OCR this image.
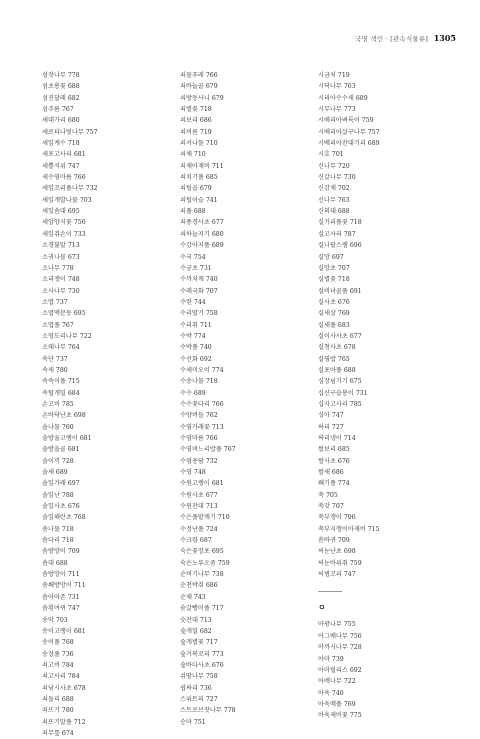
국명 색인 · [관속식물류] 1305
섬잣나무 778
섬초롱꽃 688
섬진달래 682
섬주름 767
세대가리 680
세로티나벚나무 757
세잎계수 718
세포고사리 681
세뿔석위 747
세수염마름 766
세잎꼬리풀나무 732
세잎개발나물 703
세잎솜대 695
세잎양지꽃 756
세잎쥐손이 733
소경불알 713
소귀나물 673
소나무 778
소리쟁이 748
소사나무 730
소엽 737
소엽맥문동 695
소엽풀 767
소영도리나무 722
소태나무 764
속단 737
속새 780
속속이풀 715
속털개밀 684
손고비 785
손바닥난초 698
솔나물 760
솔방울고랭이 681
솔방울골 681
솔이끼 728
솔새 689
솔잎가래 697
솔잎난 788
솔잎사초 676
솔잎해란초 768
솜나물 718
솜다리 718
솜방망이 709
솜대 688
솜방망이 711
솜쐐방망이 711
솜아마존 731
솜흰여뀌 747
송악 703
송이고랭이 681
송이풀 768
송장풀 736
쇠고비 784
쇠고사리 784
쇠낚시사초 678
쇠돌피 688
쇠뜨기 780
쇠뜨기말풀 712
쇠무릎 674
쇠물푸레 766
쇠바늘골 679
쇠방동사니 679
쇠별꽃 718
쇠보리 686
쇠비름 719
쇠서나물 710
쇠채 710
쇠채아재비 711
쇠치기풀 685
쇠털골 679
쇠털이슬 741
쇠풀 688
쇠풍경사초 677
쇠하늘지기 680
수강아지풀 689
수국 754
수궁초 731
수까치깨 740
수레국화 707
수련 744
수리딸기 758
수리취 711
수박 774
수박풀 740
수선화 692
수세미오이 774
수송나물 718
수수 689
수수꽃다리 766
수양버들 762
수염가래꽃 713
수염마름 766
수염며느리밥풀 767
수염용담 732
수영 748
수원고랭이 681
수원사초 677
수원잔대 713
수은풀밭깨기 710
수정난풀 724
수크령 687
숙은꽃장포 695
숙은노루오줌 759
순비기나무 738
순천박쥐 686
순채 743
숟갈빵이풀 717
숫잔대 713
숲개밀 682
숲개별꽃 717
숲거북꼬리 773
숲바다사초 676
쉬땅나무 758
쉽싸리 736
스위트피 727
스트로브잣나무 778
승마 751
시금치 719
시닥나무 763
시리아수수새 689
시무나무 773
시베리아벼룩이 759
시베리아살구나무 757
시베리아잔대기리 689
시호 701
신나무 720
신갈나무 730
신감채 702
신나무 763
신의대 688
실거리풀꽃 718
실고사리 787
실나팔스램 696
실망 697
실망초 707
실별꽃 718
실비녀골풀 691
실사초 676
실새삼 769
실새풀 683
실이사사초 677
실청사초 678
실꿩밥 765
실포아풀 688
심장넘기기 675
십신구슬붕이 731
십자고사리 785
싱아 747
싸리 727
싸리냉이 714
쌀보리 685
쌀사초 676
쌀새 686
쐐기풀 774
쑥 705
쑥갓 707
쑥부쟁이 706
쑥부지깽이아재비 715
씀바귀 709
씨눈난초 698
씨눈바위취 759
씨범꼬리 747
ㅇ
아광나무 755
아그배나무 756
아까시나무 728
아마 739
아마릴리스 692
아메나무 722
아욱 740
아욱메풀 769
아욱제비꽃 775
